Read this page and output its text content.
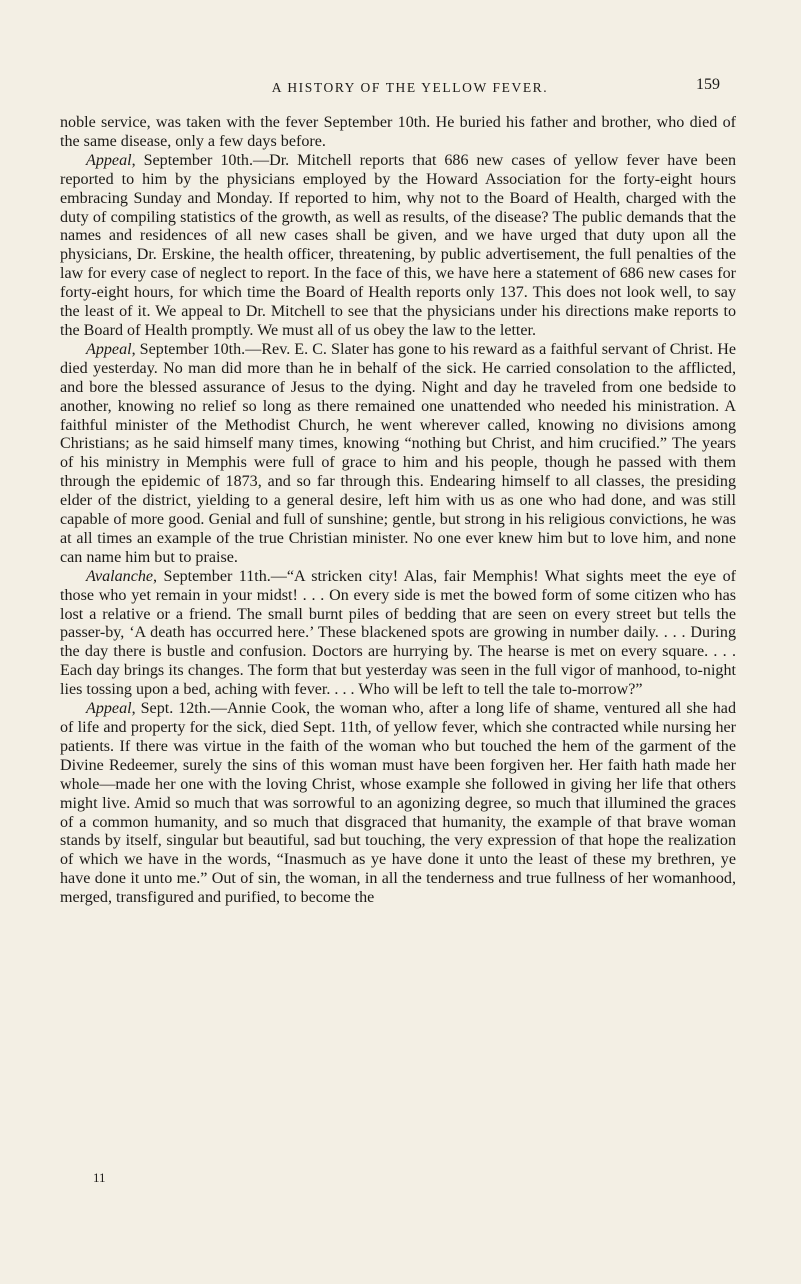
A HISTORY OF THE YELLOW FEVER.	159

noble service, was taken with the fever September 10th. He buried his father and brother, who died of the same disease, only a few days before.

Appeal, September 10th.—Dr. Mitchell reports that 686 new cases of yellow fever have been reported to him by the physicians employed by the Howard Association for the forty-eight hours embracing Sunday and Monday. If reported to him, why not to the Board of Health, charged with the duty of compiling statistics of the growth, as well as results, of the disease? The public demands that the names and residences of all new cases shall be given, and we have urged that duty upon all the physicians, Dr. Erskine, the health officer, threatening, by public advertisement, the full penalties of the law for every case of neglect to report. In the face of this, we have here a statement of 686 new cases for forty-eight hours, for which time the Board of Health reports only 137. This does not look well, to say the least of it. We appeal to Dr. Mitchell to see that the physicians under his directions make reports to the Board of Health promptly. We must all of us obey the law to the letter.

Appeal, September 10th.—Rev. E. C. Slater has gone to his reward as a faithful servant of Christ. He died yesterday. No man did more than he in behalf of the sick. He carried consolation to the afflicted, and bore the blessed assurance of Jesus to the dying. Night and day he traveled from one bedside to another, knowing no relief so long as there remained one unattended who needed his ministration. A faithful minister of the Methodist Church, he went wherever called, knowing no divisions among Christians; as he said himself many times, knowing “nothing but Christ, and him crucified.” The years of his ministry in Memphis were full of grace to him and his people, though he passed with them through the epidemic of 1873, and so far through this. Endearing himself to all classes, the presiding elder of the district, yielding to a general desire, left him with us as one who had done, and was still capable of more good. Genial and full of sunshine; gentle, but strong in his religious convictions, he was at all times an example of the true Christian minister. No one ever knew him but to love him, and none can name him but to praise.

Avalanche, September 11th.—“A stricken city! Alas, fair Memphis! What sights meet the eye of those who yet remain in your midst! . . . On every side is met the bowed form of some citizen who has lost a relative or a friend. The small burnt piles of bedding that are seen on every street but tells the passer-by, ‘A death has occurred here.’ These blackened spots are growing in number daily. . . . During the day there is bustle and confusion. Doctors are hurrying by. The hearse is met on every square. . . . Each day brings its changes. The form that but yesterday was seen in the full vigor of manhood, to-night lies tossing upon a bed, aching with fever. . . . Who will be left to tell the tale to-morrow?”

Appeal, Sept. 12th.—Annie Cook, the woman who, after a long life of shame, ventured all she had of life and property for the sick, died Sept. 11th, of yellow fever, which she contracted while nursing her patients. If there was virtue in the faith of the woman who but touched the hem of the garment of the Divine Redeemer, surely the sins of this woman must have been forgiven her. Her faith hath made her whole—made her one with the loving Christ, whose example she followed in giving her life that others might live. Amid so much that was sorrowful to an agonizing degree, so much that illumined the graces of a common humanity, and so much that disgraced that humanity, the example of that brave woman stands by itself, singular but beautiful, sad but touching, the very expression of that hope the realization of which we have in the words, “Inasmuch as ye have done it unto the least of these my brethren, ye have done it unto me.” Out of sin, the woman, in all the tenderness and true fullness of her womanhood, merged, transfigured and purified, to become the

11
